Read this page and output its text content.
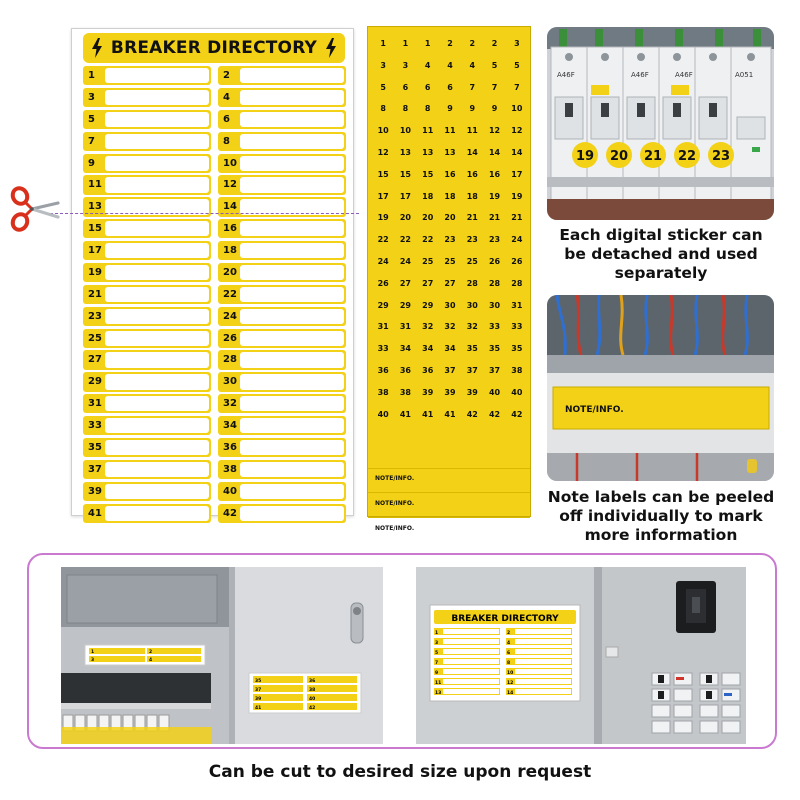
BREAKER DIRECTORY
1	2
3	4
5	6
7	8
9	10
11	12
13	14
15	16
17	18
19	20
21	22
23	24
25	26
27	28
29	30
31	32
33	34
35	36
37	38
39	40
41	42
1	1	1	2	2	2	3
3	3	4	4	4	5	5
5	6	6	6	7	7	7
8	8	8	9	9	9	10
10	10	11	11	11	12	12
12	13	13	13	14	14	14
15	15	15	16	16	16	17
17	17	18	18	18	19	19
19	20	20	20	21	21	21
22	22	22	23	23	23	24
24	24	25	25	25	26	26
26	27	27	27	28	28	28
29	29	29	30	30	30	31
31	31	32	32	32	33	33
33	34	34	34	35	35	35
36	36	36	37	37	37	38
38	38	39	39	39	40	40
40	41	41	41	42	42	42
NOTE/INFO.
NOTE/INFO.
NOTE/INFO.
A46F	A46F	A46F	A051
19 20 21 22 23
Each digital sticker can
be detached and used
separately
NOTE/INFO.
Note labels can be peeled
off individually to mark
more information
1	2
3	4
35	36
37	38
39	40
41	42
BREAKER DIRECTORY
1	2
3	4
5	6
7	8
9	10
11	12
13	14
Can be cut to desired size upon request
